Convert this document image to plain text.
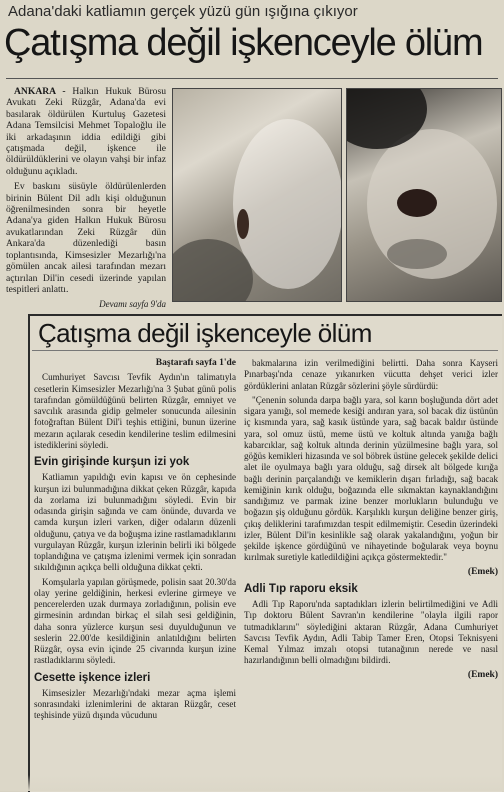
Adana'daki katliamın gerçek yüzü gün ışığına çıkıyor
Çatışma değil işkenceyle ölüm

ANKARA - Halkın Hukuk Bürosu Avukatı Zeki Rüzgâr, Adana'da evi basılarak öldürülen Kurtuluş Gazetesi Adana Temsilcisi Mehmet Topaloğlu ile iki arkadaşının iddia edildiği gibi çatışmada değil, işkence ile öldürüldüklerini ve olayın vahşi bir infaz olduğunu açıkladı.

Ev baskını süsüyle öldürülenlerden birinin Bülent Dil adlı kişi olduğunun öğrenilmesinden sonra bir heyetle Adana'ya giden Halkın Hukuk Bürosu avukatlarından Zeki Rüzgâr dün Ankara'da düzenlediği basın toplantısında, Kimsesizler Mezarlığı'na gömülen ancak ailesi tarafından mezarı açtırılan Dil'in cesedi üzerinde yapılan tespitleri anlattı.

Devamı sayfa 9'da

Çatışma değil işkenceyle ölüm

Baştarafı sayfa 1'de

Cumhuriyet Savcısı Tevfik Aydın'ın talimatıyla cesetlerin Kimsesizler Mezarlığı'na 3 Şubat günü polis tarafından gömüldüğünü belirten Rüzgâr, emniyet ve savcılık arasında gidip gelmeler sonucunda ailesinin fotoğraftan Bülent Dil'i teşhis ettiğini, bunun üzerine mezarın açılarak cesedin kendilerine teslim edilmesini istediklerini söyledi.

Evin girişinde kurşun izi yok

Katliamın yapıldığı evin kapısı ve ön cephesinde kurşun izi bulunmadığına dikkat çeken Rüzgâr, kapıda da zorlama izi bulunmadığını söyledi. Evin bir odasında girişin sağında ve cam önünde, duvarda ve camda kurşun izleri varken, diğer odaların düzenli olduğunu, çatıya ve da boğuşma izine rastlamadıklarını vurgulayan Rüzgâr, kurşun izlerinin belirli iki bölgede toplandığına ve çatışma izlenimi vermek için sonradan sıkıldığının açıkça belli olduğuna dikkat çekti.

Komşularla yapılan görüşmede, polisin saat 20.30'da olay yerine geldiğinin, herkesi evlerine girmeye ve pencerelerden uzak durmaya zorladığının, polisin eve girmesinin ardından birkaç el silah sesi geldiğinin, daha sonra yüzlerce kurşun sesi duyulduğunun ve seslerin 22.00'de kesildiğinin anlatıldığını belirten Rüzgâr, oysa evin içinde 25 civarında kurşun izine rastladıklarını söyledi.

Cesette işkence izleri

Kimsesizler Mezarlığı'ndaki mezar açma işlemi sonrasındaki izlenimlerini de aktaran Rüzgâr, ceset teşhisinde yüzü dışında vücudunu

bakmalarına izin verilmediğini belirtti. Daha sonra Kayseri Pınarbaşı'nda cenaze yıkanırken vücutta dehşet verici izler gördüklerini anlatan Rüzgâr sözlerini şöyle sürdürdü:

"Çenenin solunda darpa bağlı yara, sol karın boşluğunda dört adet sigara yanığı, sol memede kesiği andıran yara, sol bacak diz üstünün iç kısmında yara, sağ kasık üstünde yara, sağ bacak baldır üstünde yara, sol omuz üstü, meme üstü ve koltuk altında yanığa bağlı kabarcıklar, sağ koltuk altında derinin yüzülmesine bağlı yara, sol göğüs kemikleri hizasında ve sol böbrek üstüne gelecek şekilde delici alet ile oyulmaya bağlı yara olduğu, sağ dirsek alt bölgede kırığa bağlı derinin parçalandığı ve kemiklerin dışarı fırladığı, sağ bacak kemiğinin kırık olduğu, boğazında elle sıkmaktan kaynaklandığını sandığımız ve parmak izine benzer morlukların bulunduğu ve boğazın şiş olduğunu gördük. Karşılıklı kurşun deliğine benzer giriş, çıkış deliklerini tarafımızdan tespit edilmemiştir. Cesedin üzerindeki izler, Bülent Dil'in kesinlikle sağ olarak yakalandığını, yoğun bir şekilde işkence gördüğünü ve nihayetinde boğularak veya boynu kırılmak suretiyle katledildiğini açıkça göstermektedir."

(Emek)

Adli Tıp raporu eksik

Adli Tıp Raporu'nda saptadıkları izlerin belirtilmediğini ve Adli Tıp doktoru Bülent Savran'ın kendilerine "olayla ilgili rapor tutmadıklarını" söylediğini aktaran Rüzgâr, Adana Cumhuriyet Savcısı Tevfik Aydın, Adli Tabip Tamer Eren, Otopsi Teknisyeni Kemal Yılmaz imzalı otopsi tutanağının nerede ve nasıl hazırlandığının belli olmadığını bildirdi.

(Emek)
